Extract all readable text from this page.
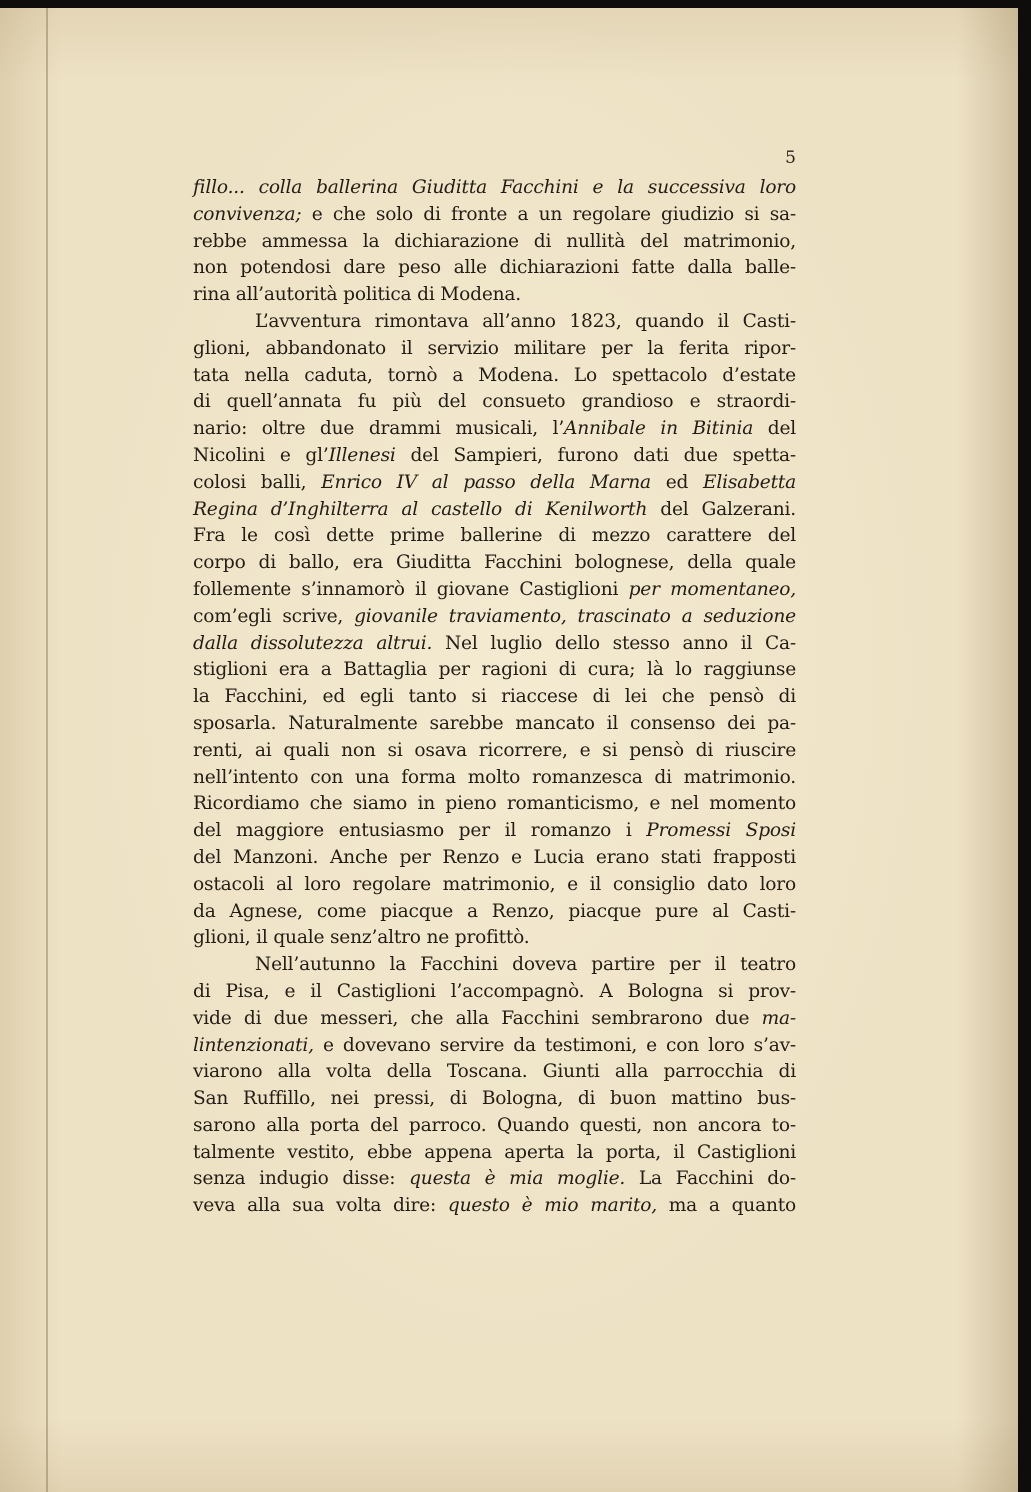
5
fillo... colla ballerina Giuditta Facchini e la successiva loro
convivenza; e che solo di fronte a un regolare giudizio si sa-
rebbe ammessa la dichiarazione di nullità del matrimonio,
non potendosi dare peso alle dichiarazioni fatte dalla balle-
rina all’autorità politica di Modena.
L’avventura rimontava all’anno 1823, quando il Casti-
glioni, abbandonato il servizio militare per la ferita ripor-
tata nella caduta, tornò a Modena. Lo spettacolo d’estate
di quell’annata fu più del consueto grandioso e straordi-
nario: oltre due drammi musicali, l’Annibale in Bitinia del
Nicolini e gl’Illenesi del Sampieri, furono dati due spetta-
colosi balli, Enrico IV al passo della Marna ed Elisabetta
Regina d’Inghilterra al castello di Kenilworth del Galzerani.
Fra le così dette prime ballerine di mezzo carattere del
corpo di ballo, era Giuditta Facchini bolognese, della quale
follemente s’innamorò il giovane Castiglioni per momentaneo,
com’egli scrive, giovanile traviamento, trascinato a seduzione
dalla dissolutezza altrui. Nel luglio dello stesso anno il Ca-
stiglioni era a Battaglia per ragioni di cura; là lo raggiunse
la Facchini, ed egli tanto si riaccese di lei che pensò di
sposarla. Naturalmente sarebbe mancato il consenso dei pa-
renti, ai quali non si osava ricorrere, e si pensò di riuscire
nell’intento con una forma molto romanzesca di matrimonio.
Ricordiamo che siamo in pieno romanticismo, e nel momento
del maggiore entusiasmo per il romanzo i Promessi Sposi
del Manzoni. Anche per Renzo e Lucia erano stati frapposti
ostacoli al loro regolare matrimonio, e il consiglio dato loro
da Agnese, come piacque a Renzo, piacque pure al Casti-
glioni, il quale senz’altro ne profittò.
Nell’autunno la Facchini doveva partire per il teatro
di Pisa, e il Castiglioni l’accompagnò. A Bologna si prov-
vide di due messeri, che alla Facchini sembrarono due ma-
lintenzionati, e dovevano servire da testimoni, e con loro s’av-
viarono alla volta della Toscana. Giunti alla parrocchia di
San Ruffillo, nei pressi, di Bologna, di buon mattino bus-
sarono alla porta del parroco. Quando questi, non ancora to-
talmente vestito, ebbe appena aperta la porta, il Castiglioni
senza indugio disse: questa è mia moglie. La Facchini do-
veva alla sua volta dire: questo è mio marito, ma a quanto
